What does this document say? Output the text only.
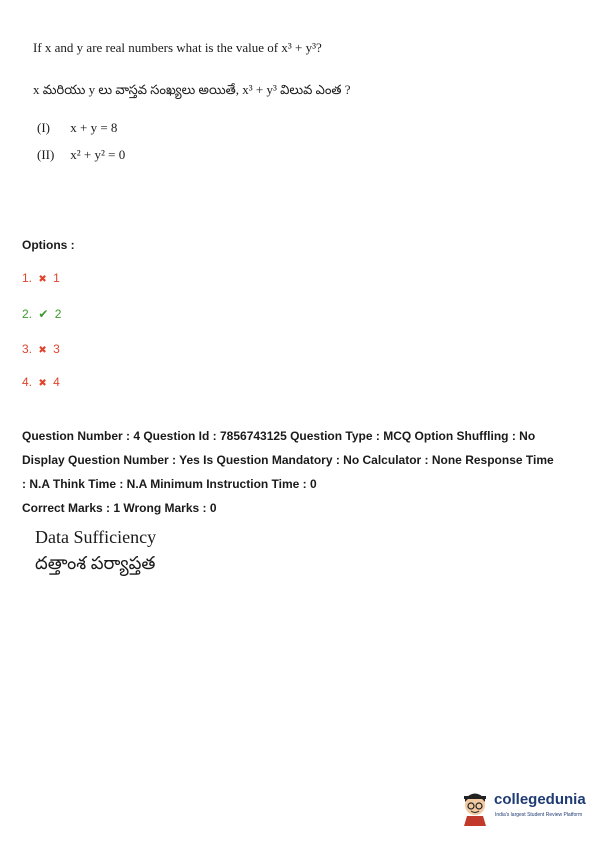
If x and y are real numbers what is the value of x³ + y³?
x మరియు y లు వాస్తవ సంఖ్యలు అయితే, x³ + y³ విలువ ఎంత ?
(I) x + y = 8
(II) x² + y² = 0
Options :
1. ✖ 1
2. ✔ 2
3. ✖ 3
4. ✖ 4
Question Number : 4 Question Id : 7856743125 Question Type : MCQ Option Shuffling : No
Display Question Number : Yes Is Question Mandatory : No Calculator : None Response Time
: N.A Think Time : N.A Minimum Instruction Time : 0
Correct Marks : 1 Wrong Marks : 0
Data Sufficiency
దత్తాంశ పర్యాప్తత
collegedunia
India's largest Student Review Platform
